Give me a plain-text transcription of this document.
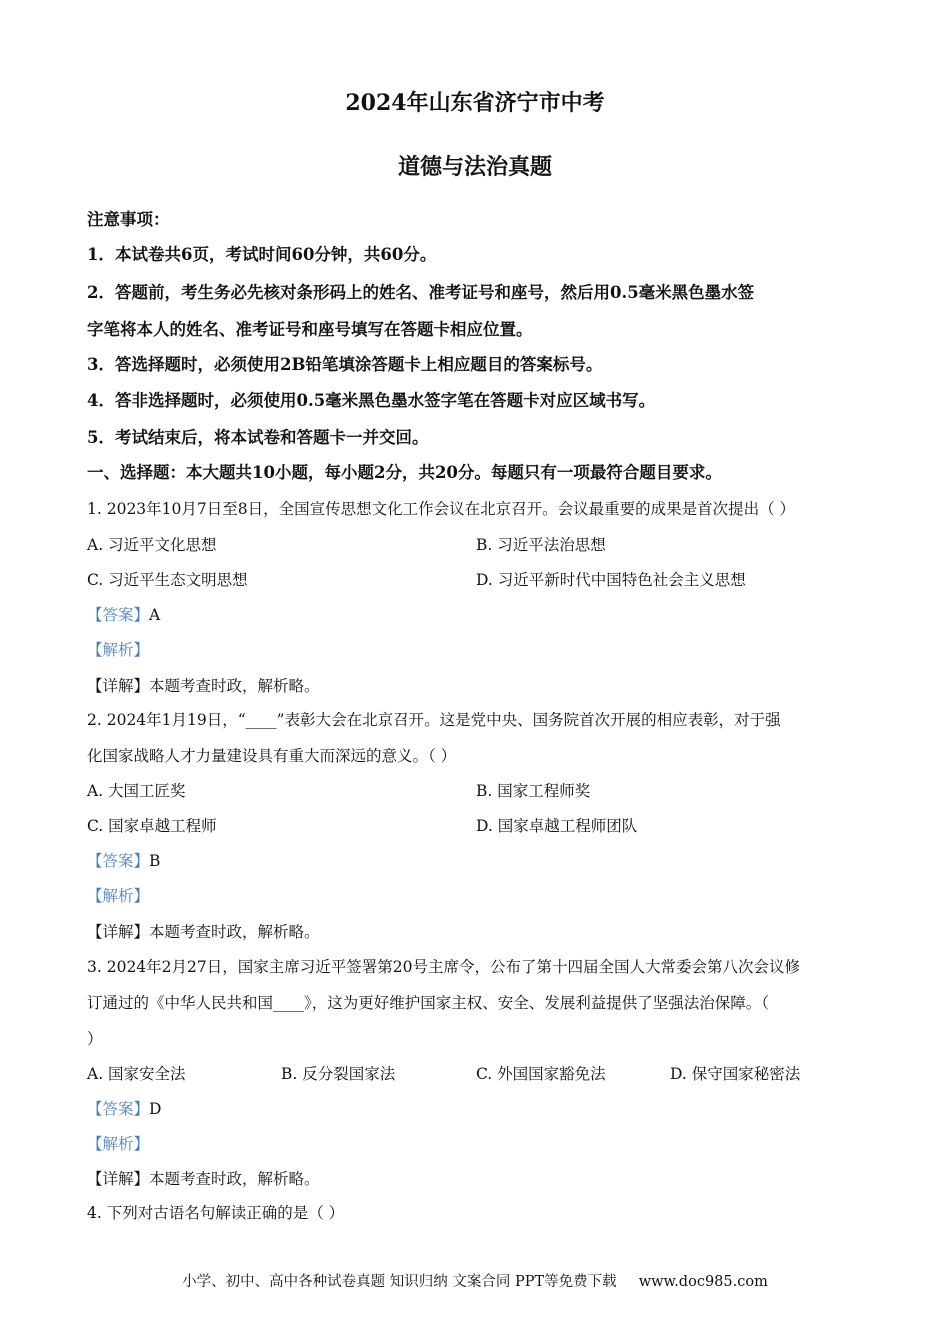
2024年山东省济宁市中考
道德与法治真题
注意事项：
1．本试卷共6页，考试时间60分钟，共60分。
2．答题前，考生务必先核对条形码上的姓名、准考证号和座号，然后用0.5毫米黑色墨水签
字笔将本人的姓名、准考证号和座号填写在答题卡相应位置。
3．答选择题时，必须使用2B铅笔填涂答题卡上相应题目的答案标号。
4．答非选择题时，必须使用0.5毫米黑色墨水签字笔在答题卡对应区域书写。
5．考试结束后，将本试卷和答题卡一并交回。
一、选择题：本大题共10小题，每小题2分，共20分。每题只有一项最符合题目要求。
1. 2023年10月7日至8日，全国宣传思想文化工作会议在北京召开。会议最重要的成果是首次提出（ ）
A. 习近平文化思想	B. 习近平法治思想
C. 习近平生态文明思想	D. 习近平新时代中国特色社会主义思想
【答案】A
【解析】
【详解】本题考查时政，解析略。
2. 2024年1月19日，“____”表彰大会在北京召开。这是党中央、国务院首次开展的相应表彰，对于强
化国家战略人才力量建设具有重大而深远的意义。（ ）
A. 大国工匠奖	B. 国家工程师奖
C. 国家卓越工程师	D. 国家卓越工程师团队
【答案】B
【解析】
【详解】本题考查时政，解析略。
3. 2024年2月27日，国家主席习近平签署第20号主席令，公布了第十四届全国人大常委会第八次会议修
订通过的《中华人民共和国____》，这为更好维护国家主权、安全、发展利益提供了坚强法治保障。（
）
A. 国家安全法	B. 反分裂国家法	C. 外国国家豁免法	D. 保守国家秘密法
【答案】D
【解析】
【详解】本题考查时政，解析略。
4. 下列对古语名句解读正确的是（ ）
小学、初中、高中各种试卷真题 知识归纳 文案合同 PPT等免费下载 www.doc985.com
